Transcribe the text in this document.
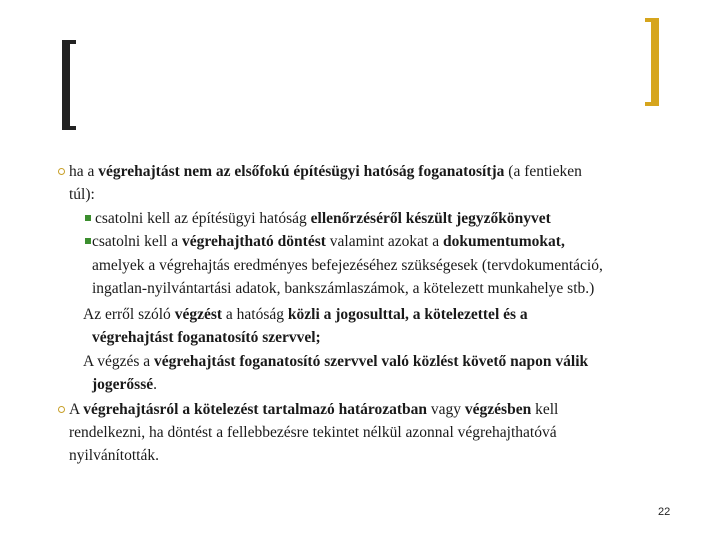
ha a végrehajtást nem az elsőfokú építésügyi hatóság foganatosítja (a fentieken
túl):
csatolni kell az építésügyi hatóság ellenőrzéséről készült jegyzőkönyvet
csatolni kell a végrehajtható döntést valamint azokat a dokumentumokat,
amelyek a végrehajtás eredményes befejezéséhez szükségesek (tervdokumentáció,
ingatlan-nyilvántartási adatok, bankszámlaszámok, a kötelezett munkahelye stb.)
Az erről szóló végzést a hatóság közli a jogosulttal, a kötelezettel és a
végrehajtást foganatosító szervvel;
A végzés a végrehajtást foganatosító szervvel való közlést követő napon válik
jogerőssé.
A végrehajtásról a kötelezést tartalmazó határozatban vagy végzésben kell
rendelkezni, ha döntést a fellebbezésre tekintet nélkül azonnal végrehajthatóvá
nyilvánították.
22
